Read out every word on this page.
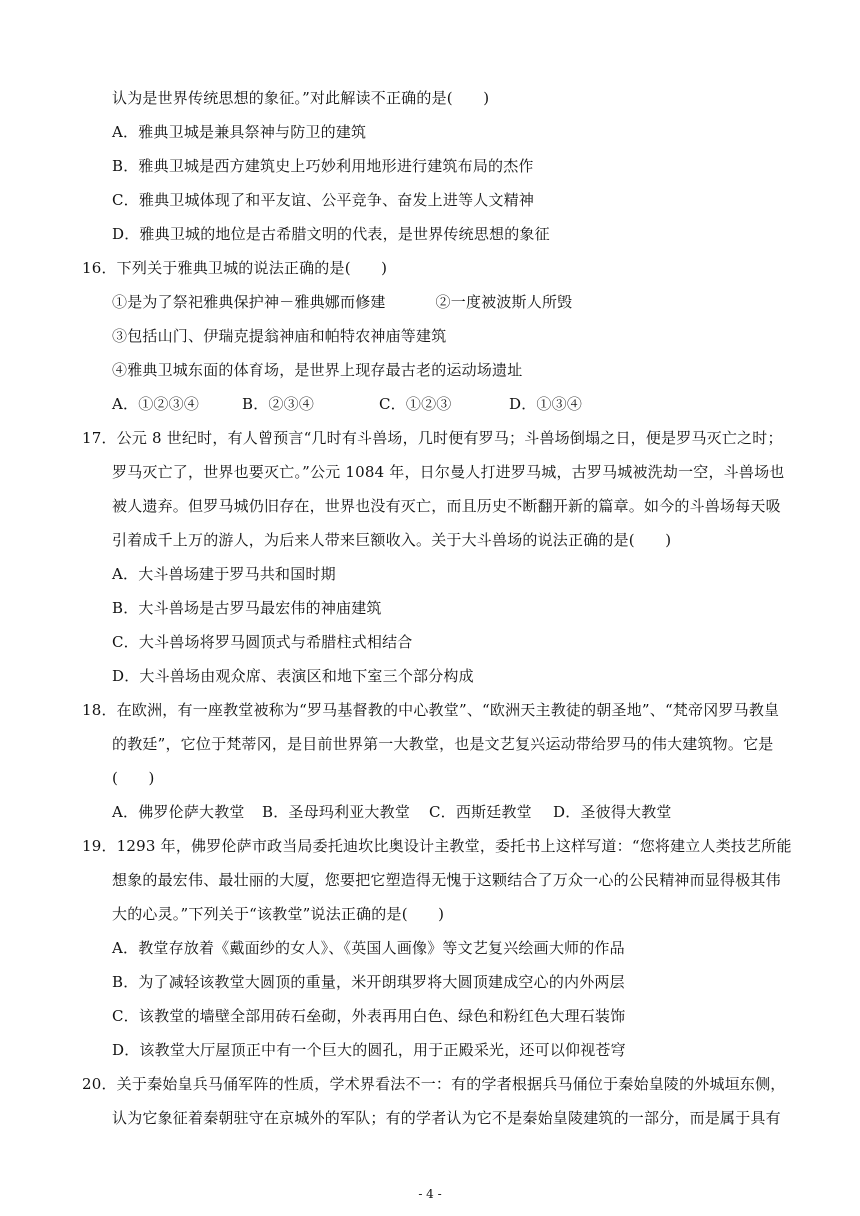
认为是世界传统思想的象征。”对此解读不正确的是(　　)
A．雅典卫城是兼具祭神与防卫的建筑
B．雅典卫城是西方建筑史上巧妙利用地形进行建筑布局的杰作
C．雅典卫城体现了和平友谊、公平竞争、奋发上进等人文精神
D．雅典卫城的地位是古希腊文明的代表，是世界传统思想的象征
16．下列关于雅典卫城的说法正确的是(　　)
①是为了祭祀雅典保护神－雅典娜而修建	②一度被波斯人所毁
③包括山门、伊瑞克提翁神庙和帕特农神庙等建筑
④雅典卫城东面的体育场，是世界上现存最古老的运动场遗址
A．①②③④	B．②③④	C．①②③	D．①③④
17．公元 8 世纪时，有人曾预言“几时有斗兽场，几时便有罗马；斗兽场倒塌之日，便是罗马灭亡之时；
罗马灭亡了，世界也要灭亡。”公元 1084 年，日尔曼人打进罗马城，古罗马城被洗劫一空，斗兽场也
被人遗弃。但罗马城仍旧存在，世界也没有灭亡，而且历史不断翻开新的篇章。如今的斗兽场每天吸
引着成千上万的游人，为后来人带来巨额收入。关于大斗兽场的说法正确的是(　　)
A．大斗兽场建于罗马共和国时期
B．大斗兽场是古罗马最宏伟的神庙建筑
C．大斗兽场将罗马圆顶式与希腊柱式相结合
D．大斗兽场由观众席、表演区和地下室三个部分构成
18．在欧洲，有一座教堂被称为“罗马基督教的中心教堂”、“欧洲天主教徒的朝圣地”、“梵帝冈罗马教皇
的教廷”，它位于梵蒂冈，是目前世界第一大教堂，也是文艺复兴运动带给罗马的伟大建筑物。它是
(　　)
A．佛罗伦萨大教堂 B．圣母玛利亚大教堂 C．西斯廷教堂 D．圣彼得大教堂
19．1293 年，佛罗伦萨市政当局委托迪坎比奥设计主教堂，委托书上这样写道：“您将建立人类技艺所能
想象的最宏伟、最壮丽的大厦，您要把它塑造得无愧于这颗结合了万众一心的公民精神而显得极其伟
大的心灵。”下列关于“该教堂”说法正确的是(　　)
A．教堂存放着《戴面纱的女人》、《英国人画像》等文艺复兴绘画大师的作品
B．为了减轻该教堂大圆顶的重量，米开朗琪罗将大圆顶建成空心的内外两层
C．该教堂的墙壁全部用砖石垒砌，外表再用白色、绿色和粉红色大理石装饰
D．该教堂大厅屋顶正中有一个巨大的圆孔，用于正殿采光，还可以仰视苍穹
20．关于秦始皇兵马俑军阵的性质，学术界看法不一：有的学者根据兵马俑位于秦始皇陵的外城垣东侧，
认为它象征着秦朝驻守在京城外的军队；有的学者认为它不是秦始皇陵建筑的一部分，而是属于具有
- 4 -
